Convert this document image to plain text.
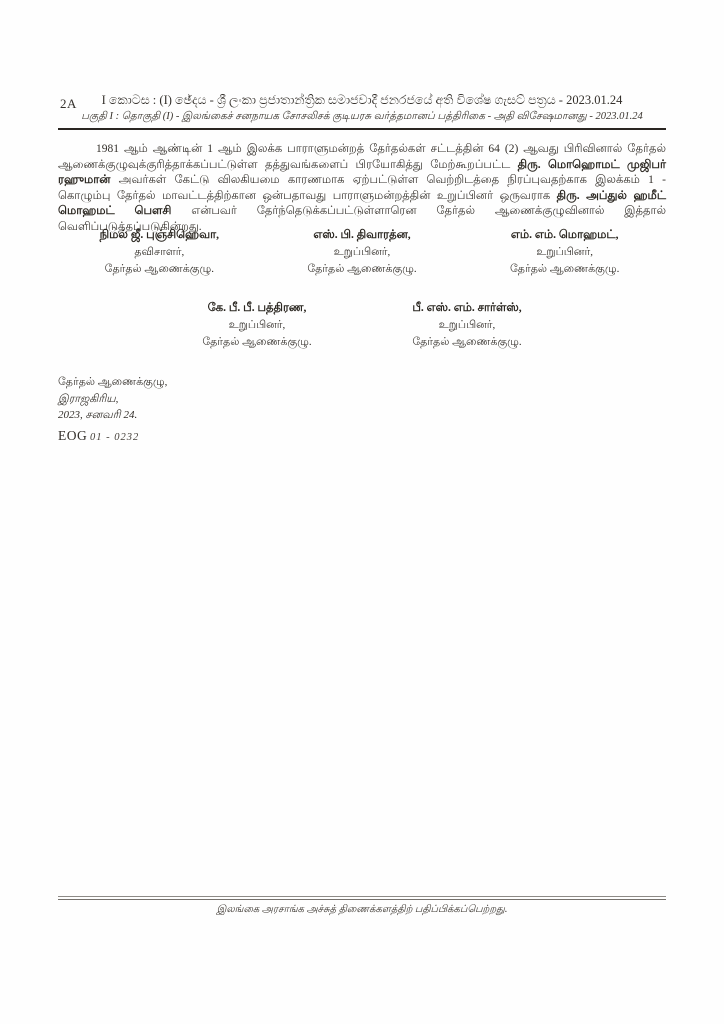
2A	I කොටස : (I) ඡේදය - ශ්‍රී ලංකා ප්‍රජාතාන්ත්‍රික සමාජවාදී ජනරජයේ අති විශේෂ ගැසට් පත්‍රය - 2023.01.24
பகுதி I : தொகுதி (I) - இலங்கைச் சனநாயக சோசலிசக் குடியரசு வர்த்தமானப் பத்திரிகை - அதி விசேஷமானது - 2023.01.24

1981 ஆம் ஆண்டின் 1 ஆம் இலக்க பாராளுமன்றத் தேர்தல்கள் சட்டத்தின் 64 (2) ஆவது பிரிவினால் தேர்தல் ஆணைக்குழுவுக்குரித்தாக்கப்பட்டுள்ள தத்துவங்களைப் பிரயோகித்து மேற்கூறப்பட்ட திரு. மொஹொமட் முஜிபர் ரஹுமான் அவர்கள் கேட்டு விலகியமை காரணமாக ஏற்பட்டுள்ள வெற்றிடத்தை நிரப்புவதற்காக இலக்கம் 1 - கொழும்பு தேர்தல் மாவட்டத்திற்கான ஒன்பதாவது பாராளுமன்றத்தின் உறுப்பினர் ஒருவராக திரு. அப்துல் ஹமீட் மொஹமட் பௌசி என்பவர் தேர்ந்தெடுக்கப்பட்டுள்ளாரென தேர்தல் ஆணைக்குழுவினால் இத்தால் வெளிப்படுத்தப்படுகின்றது.

நிமல் ஜீ. புஞ்சிஹெவா,
தவிசாளர்,
தேர்தல் ஆணைக்குழு.
எஸ். பி. திவாரத்ன,
உறுப்பினர்,
தேர்தல் ஆணைக்குழு.
எம். எம். மொஹமட்,
உறுப்பினர்,
தேர்தல் ஆணைக்குழு.
கே. பீ. பீ. பத்திரண,
உறுப்பினர்,
தேர்தல் ஆணைக்குழு.
பீ. எஸ். எம். சார்ள்ஸ்,
உறுப்பினர்,
தேர்தல் ஆணைக்குழு.
தேர்தல் ஆணைக்குழு,
இராஜகிரிய,
2023, சனவரி 24.
EOG 01 - 0232
இலங்கை அரசாங்க அச்சுத் திணைக்களத்திற் பதிப்பிக்கப்பெற்றது.
